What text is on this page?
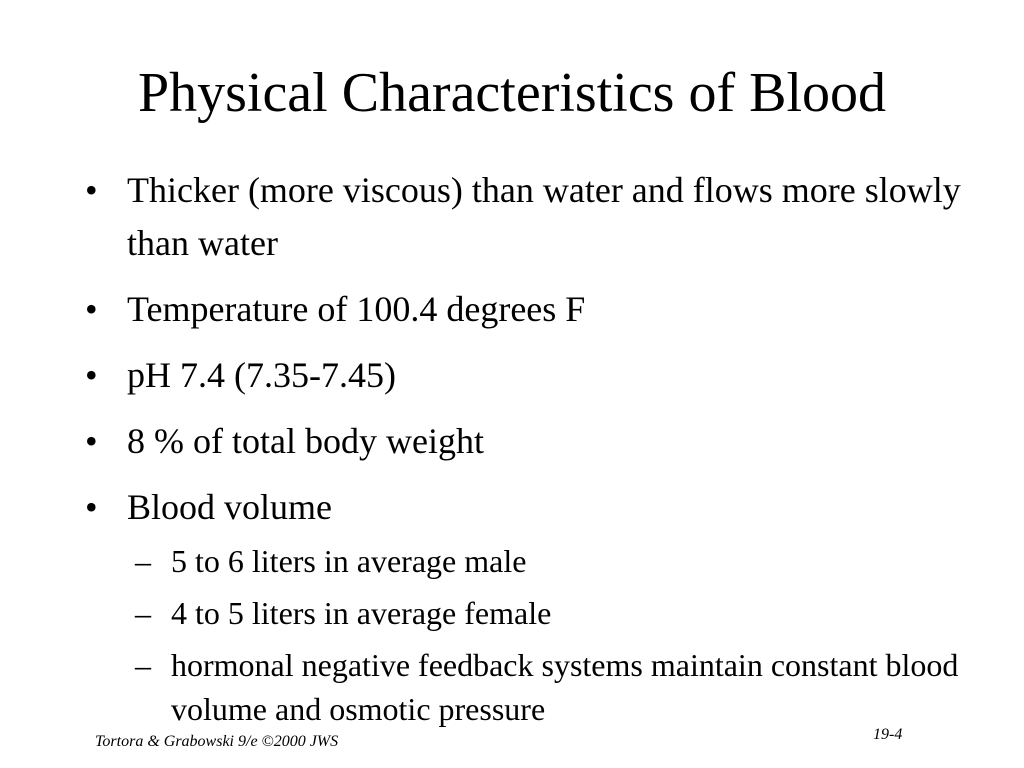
Physical Characteristics of Blood
• Thicker (more viscous) than water and flows more slowly than water
• Temperature of 100.4 degrees F
• pH 7.4 (7.35-7.45)
• 8 % of total body weight
• Blood volume
– 5 to 6 liters in average male
– 4 to 5 liters in average female
– hormonal negative feedback systems maintain constant blood volume and osmotic pressure
Tortora & Grabowski 9/e ©2000 JWS	19-4
